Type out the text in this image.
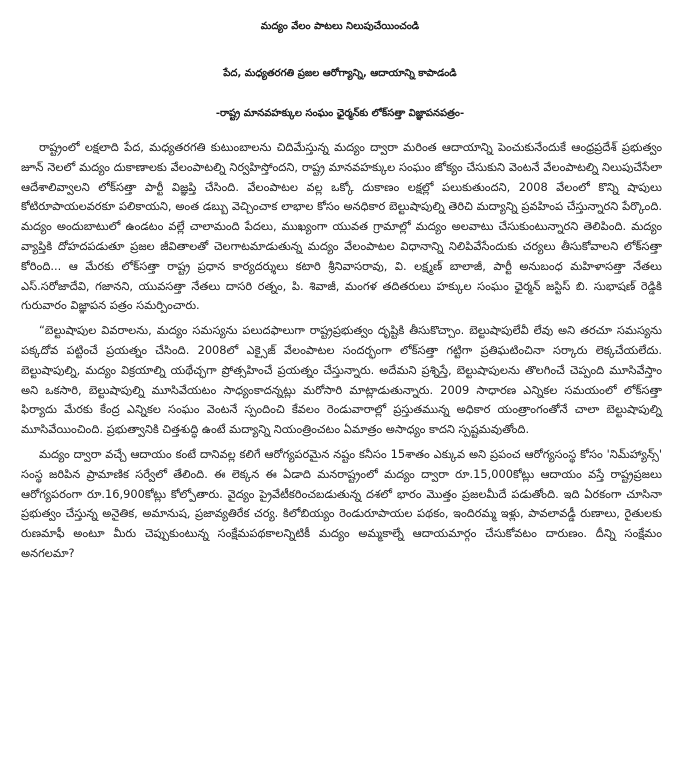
మద్యం వేలం పాటలు నిలుపుచేయించండి
పేద, మధ్యతరగతి ప్రజల ఆరోగ్యాన్ని, ఆదాయాన్ని కాపాడండి
-రాష్ట్ర మానవహక్కుల సంఘం ఛైర్మన్‌కు లోక్‌సత్తా విజ్ఞాపనపత్రం-

రాష్ట్రంలో లక్షలాది పేద, మధ్యతరగతి కుటుంబాలను చిదిమేస్తున్న మద్యం ద్వారా మరింత ఆదాయాన్ని పెంచుకునేందుకే ఆంధ్రప్రదేశ్ ప్రభుత్వం జూన్ నెలలో మద్యం దుకాణాలకు వేలంపాటల్ని నిర్వహిస్తోందని, రాష్ట్ర మానవహక్కుల సంఘం జోక్యం చేసుకుని వెంటనే వేలంపాటల్ని నిలుపుచేసేలా ఆదేశాలివ్వాలని లోక్‌సత్తా పార్టీ విజ్ఞప్తి చేసింది. వేలంపాటల వల్ల ఒక్కో దుకాణం లక్షల్లో పలుకుతుందని, 2008 వేలంలో కొన్ని షాపులు కోటిరూపాయలవరకూ పలికాయని, అంత డబ్బు వెచ్చించాక లాభాల కోసం అనధికార బెల్టుషాపుల్ని తెరిచి మద్యాన్ని ప్రవహింప చేస్తున్నారని పేర్కొంది. మద్యం అందుబాటులో ఉండటం వల్లే చాలామంది పేదలు, ముఖ్యంగా యువత గ్రామాల్లో మద్యం అలవాటు చేసుకుంటున్నారని తెలిపింది. మద్యం వ్యాప్తికి దోహదపడుతూ ప్రజల జీవితాలతో చెలగాటమాడుతున్న మద్యం వేలంపాటల విధానాన్ని నిలిపివేసేందుకు చర్యలు తీసుకోవాలని లోక్‌సత్తా కోరింది... ఆ మేరకు లోక్‌సత్తా రాష్ట్ర ప్రధాన కార్యదర్శులు కటారి శ్రీనివాసరావు, వి. లక్ష్మణ్ బాలాజీ, పార్టీ అనుబంధ మహిళాసత్తా నేతలు ఎస్.సరోజాదేవి, గజానని, యువసత్తా నేతలు దాసరి రత్నం, పి. శివాజీ, మంగళ తదితరులు హక్కుల సంఘం ఛైర్మన్ జస్టిస్ బి. సుభాషణ్ రెడ్డికి గురువారం విజ్ఞాపన పత్రం సమర్పించారు.

“బెల్టుషాపుల వివరాలను, మద్యం సమస్యను పలుదఫాలుగా రాష్ట్రప్రభుత్వం దృష్టికి తీసుకొచ్చాం. బెల్టుషాపులేవీ లేవు అని తరచూ సమస్యను పక్కదోవ పట్టించే ప్రయత్నం చేసింది. 2008లో ఎక్సైజ్ వేలంపాటల సందర్భంగా లోక్‌సత్తా గట్టిగా ప్రతిఘటించినా సర్కారు లెక్కచేయలేదు. బెల్టుషాపుల్ని, మద్యం విక్రయాల్ని యథేచ్ఛగా ప్రోత్సహించే ప్రయత్నం చేస్తున్నారు. అదేమని ప్రశ్నిస్తే, బెల్టుషాపులను తొలగించే చెప్పంది మూసివేస్తాం అని ఒకసారి, బెల్టుషాపుల్ని మూసివేయటం సాధ్యంకాదన్నట్లు మరోసారి మాట్లాడుతున్నారు. 2009 సాధారణ ఎన్నికల సమయంలో లోక్‌సత్తా ఫిర్యాదు మేరకు కేంద్ర ఎన్నికల సంఘం వెంటనే స్పందించి కేవలం రెండువారాల్లో ప్రస్తుతమున్న అధికార యంత్రాంగంతోనే చాలా బెల్టుషాపుల్ని మూసివేయించింది. ప్రభుత్వానికి చిత్తశుద్ధి ఉంటే మద్యాన్ని నియంత్రించటం ఏమాత్రం అసాధ్యం కాదని స్పష్టమవుతోంది.

మద్యం ద్వారా వచ్చే ఆదాయం కంటే దానివల్ల కలిగే ఆరోగ్యపరమైన నష్టం కనీసం 15శాతం ఎక్కువ అని ప్రపంచ ఆరోగ్యసంస్థ కోసం 'నిమ్‌హ్యాన్స్' సంస్థ జరిపిన ప్రామాణిక సర్వేలో తేలింది. ఈ లెక్కన ఈ ఏడాది మనరాష్ట్రంలో మద్యం ద్వారా రూ.15,000కోట్లు ఆదాయం వస్తే రాష్ట్రప్రజలు ఆరోగ్యపరంగా రూ.16,900కోట్లు కోల్పోతారు. వైద్యం ప్రైవేటీకరించబడుతున్న దశలో భారం మొత్తం ప్రజలమీదే పడుతోంది. ఇది ఏరకంగా చూసినా ప్రభుత్వం చేస్తున్న అనైతిక, అమానుష, ప్రజావ్యతిరేక చర్య. కిలోబియ్యం రెండురూపాయల పథకం, ఇందిరమ్మ ఇళ్లు, పావలావడ్డీ రుణాలు, రైతులకు రుణమాఫీ అంటూ మీరు చెప్పుకుంటున్న సంక్షేమపథకాలన్నిటికీ మద్యం అమ్మకాల్నే ఆదాయమార్గం చేసుకోవటం దారుణం. దీన్ని సంక్షేమం అనగలమా?
